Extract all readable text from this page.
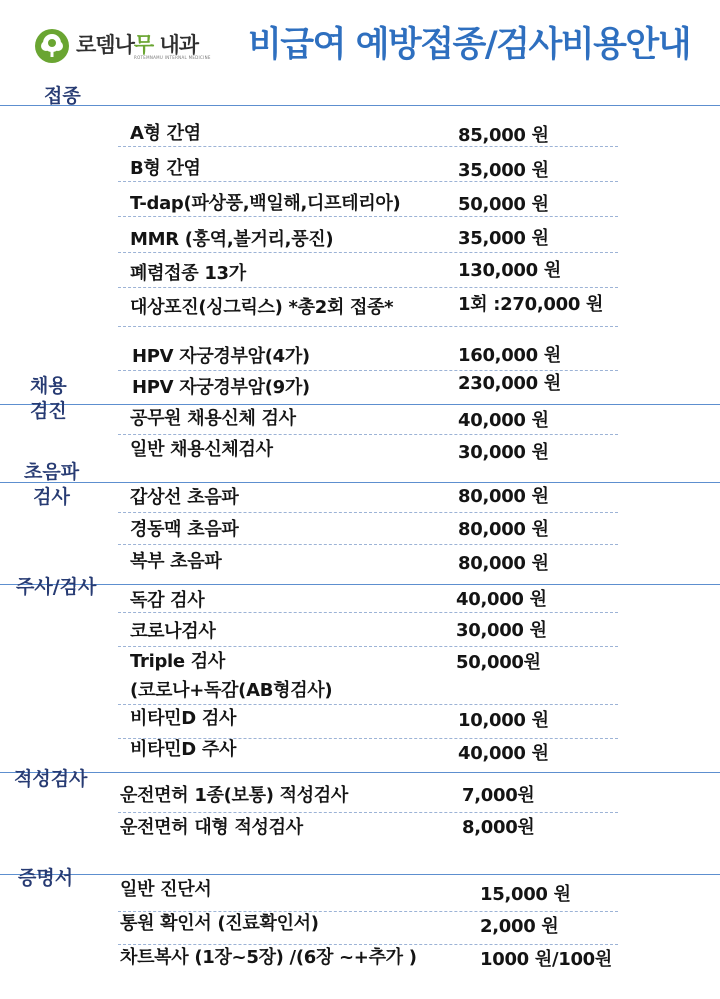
로뎀나무 내과
ROTEMNAMU INTERNAL MEDICINE 비급여 예방접종/검사비용안내
접종
채용
검진
초음파
검사
주사/검사
적성검사
증명서
A형 간염	85,000 원
B형 간염	35,000 원
T-dap(파상풍,백일해,디프테리아)	50,000 원
MMR (홍역,볼거리,풍진)	35,000 원
폐렴접종 13가	130,000 원
대상포진(싱그릭스) *총2회 접종*	1회 :270,000 원
HPV 자궁경부암(4가)	160,000 원
HPV 자궁경부암(9가)	230,000 원
공무원 채용신체 검사	40,000 원
일반 채용신체검사	30,000 원
갑상선 초음파	80,000 원
경동맥 초음파	80,000 원
복부 초음파	80,000 원
독감 검사	40,000 원
코로나검사	30,000 원
Triple 검사	50,000원
(코로나+독감(AB형검사)
비타민D 검사	10,000 원
비타민D 주사	40,000 원
운전면허 1종(보통) 적성검사	7,000원
운전면허 대형 적성검사	8,000원
일반 진단서	15,000 원
통원 확인서 (진료확인서)	2,000 원
차트복사 (1장~5장) /(6장 ~+추가 )	1000 원/100원
